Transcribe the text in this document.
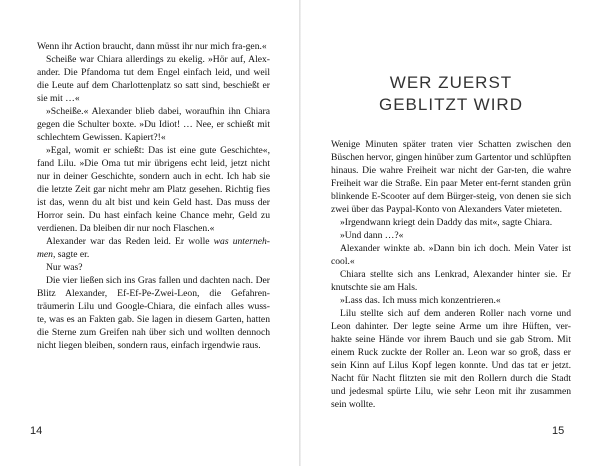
Wenn ihr Action braucht, dann müsst ihr nur mich fra-gen.«

Scheiße war Chiara allerdings zu ekelig. »Hör auf, Alex-ander. Die Pfandoma tut dem Engel einfach leid, und weil die Leute auf dem Charlottenplatz so satt sind, beschießt er sie mit …«

»Scheiße.« Alexander blieb dabei, woraufhin ihn Chiara gegen die Schulter boxte. »Du Idiot! … Nee, er schießt mit schlechtem Gewissen. Kapiert?!«

»Egal, womit er schießt: Das ist eine gute Geschichte«, fand Lilu. »Die Oma tut mir übrigens echt leid, jetzt nicht nur in deiner Geschichte, sondern auch in echt. Ich hab sie die letzte Zeit gar nicht mehr am Platz gesehen. Richtig fies ist das, wenn du alt bist und kein Geld hast. Das muss der Horror sein. Du hast einfach keine Chance mehr, Geld zu verdienen. Da bleiben dir nur noch Flaschen.«

Alexander war das Reden leid. Er wolle was unterneh-men, sagte er.

Nur was?

Die vier ließen sich ins Gras fallen und dachten nach. Der Blitz Alexander, Ef-Ef-Pe-Zwei-Leon, die Gefahren-träumerin Lilu und Google-Chiara, die einfach alles wuss-te, was es an Fakten gab. Sie lagen in diesem Garten, hatten die Sterne zum Greifen nah über sich und wollten dennoch nicht liegen bleiben, sondern raus, einfach irgendwie raus.

14
WER ZUERST
GEBLITZT WIRD

Wenige Minuten später traten vier Schatten zwischen den Büschen hervor, gingen hinüber zum Gartentor und schlüpften hinaus. Die wahre Freiheit war nicht der Gar-ten, die wahre Freiheit war die Straße. Ein paar Meter ent-fernt standen grün blinkende E-Scooter auf dem Bürger-steig, von denen sie sich zwei über das Paypal-Konto von Alexanders Vater mieteten.

»Irgendwann kriegt dein Daddy das mit«, sagte Chiara.

»Und dann …?«

Alexander winkte ab. »Dann bin ich doch. Mein Vater ist cool.«

Chiara stellte sich ans Lenkrad, Alexander hinter sie. Er knutschte sie am Hals.

»Lass das. Ich muss mich konzentrieren.«

Lilu stellte sich auf dem anderen Roller nach vorne und Leon dahinter. Der legte seine Arme um ihre Hüften, ver-hakte seine Hände vor ihrem Bauch und sie gab Strom. Mit einem Ruck zuckte der Roller an. Leon war so groß, dass er sein Kinn auf Lilus Kopf legen konnte. Und das tat er jetzt. Nacht für Nacht flitzten sie mit den Rollern durch die Stadt und jedesmal spürte Lilu, wie sehr Leon mit ihr zusammen sein wollte.

15
